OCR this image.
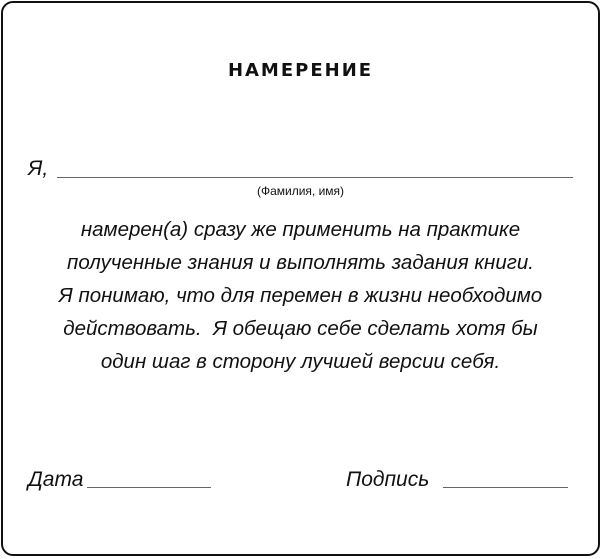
НАМЕРЕНИЕ
Я,
(Фамилия, имя)

намерен(а) сразу же применить на практике
полученные знания и выполнять задания книги.
Я понимаю, что для перемен в жизни необходимо
действовать.  Я обещаю себе сделать хотя бы
один шаг в сторону лучшей версии себя.

Дата	Подпись
